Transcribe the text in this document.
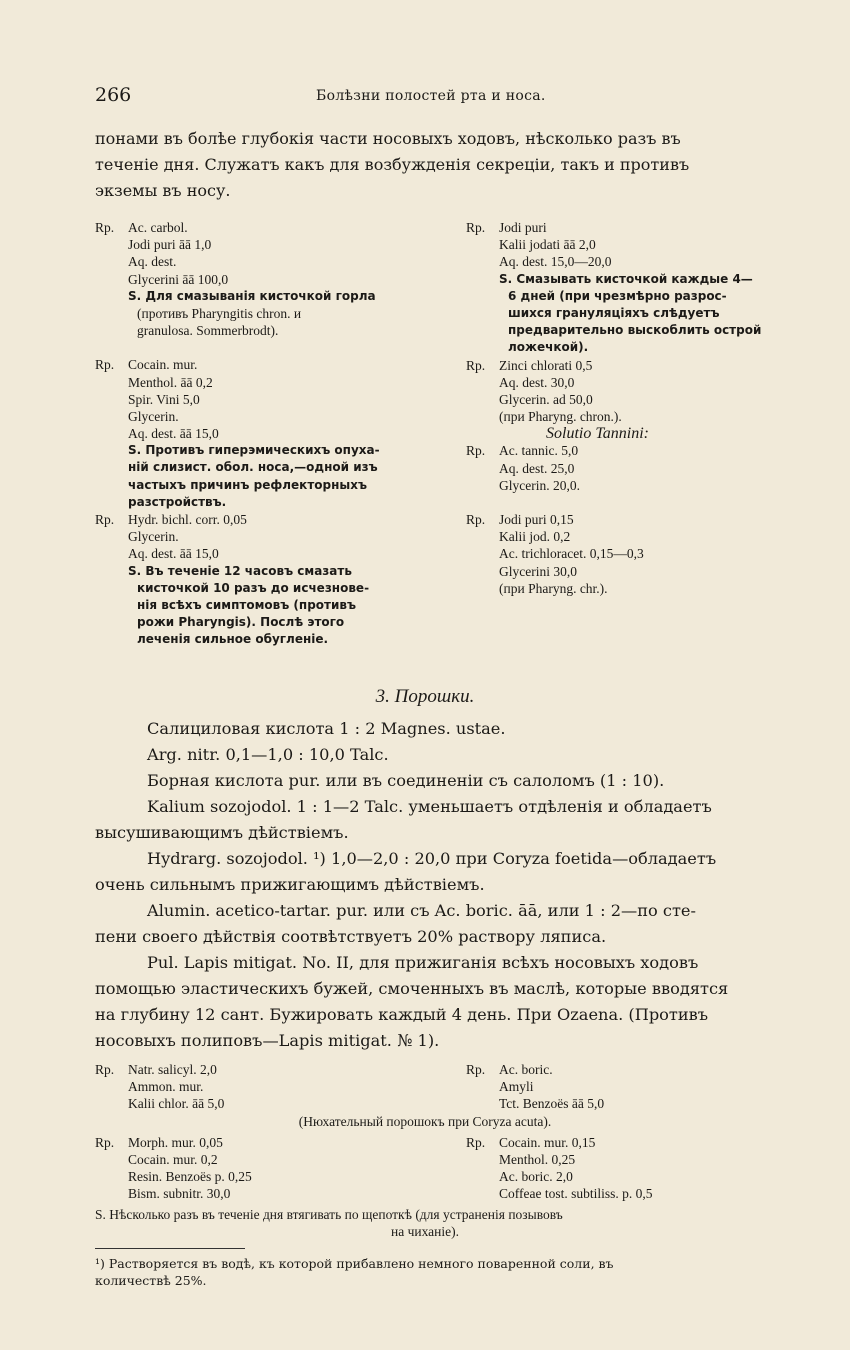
266	Болѣзни полостей рта и носа.
понами въ болѣе глубокія части носовыхъ ходовъ, нѣсколько разъ въ
теченіе дня. Служатъ какъ для возбужденія секреціи, такъ и противъ
экземы въ носу.
Rp. Ac. carbol.
Jodi puri āā 1,0
Aq. dest.
Glycerini āā 100,0
S. Для смазыванія кисточкой горла
(противъ Pharyngitis chron. и
granulosa. Sommerbrodt).
Rp. Cocain. mur.
Menthol. āā 0,2
Spir. Vini 5,0
Glycerin.
Aq. dest. āā 15,0
S. Противъ гиперэмическихъ опуха-
ній слизист. обол. носа,—одной изъ
частыхъ причинъ рефлекторныхъ
разстройствъ.
Rp. Hydr. bichl. corr. 0,05
Glycerin.
Aq. dest. āā 15,0
S. Въ теченіе 12 часовъ смазать
кисточкой 10 разъ до исчезнове-
нія всѣхъ симптомовъ (противъ
рожи Pharyngis). Послѣ этого
леченія сильное обугленіе.
Rp. Jodi puri
Kalii jodati āā 2,0
Aq. dest. 15,0—20,0
S. Смазывать кисточкой каждые 4—
6 дней (при чрезмѣрно разрос-
шихся грануляціяхъ слѣдуетъ
предварительно выскоблить острой
ложечкой).
Rp. Zinci chlorati 0,5
Aq. dest. 30,0
Glycerin. ad 50,0
(при Pharyng. chron.).
Solutio Tannini:
Rp. Ac. tannic. 5,0
Aq. dest. 25,0
Glycerin. 20,0.
Rp. Jodi puri 0,15
Kalii jod. 0,2
Ac. trichloracet. 0,15—0,3
Glycerini 30,0
(при Pharyng. chr.).
3. Порошки.
Салициловая кислота 1 : 2 Magnes. ustae.
Arg. nitr. 0,1—1,0 : 10,0 Talc.
Борная кислота pur. или въ соединеніи съ салоломъ (1 : 10).
Kalium sozojodol. 1 : 1—2 Talc. уменьшаетъ отдѣленія и обладаетъ
высушивающимъ дѣйствіемъ.
Hydrarg. sozojodol. ¹) 1,0—2,0 : 20,0 при Coryza foetida—обладаетъ
очень сильнымъ прижигающимъ дѣйствіемъ.
Alumin. acetico-tartar. pur. или съ Ac. boric. āā, или 1 : 2—по сте-
пени своего дѣйствія соотвѣтствуетъ 20% раствору ляписа.
Pul. Lapis mitigat. No. II, для прижиганія всѣхъ носовыхъ ходовъ
помощью эластическихъ бужей, смоченныхъ въ маслѣ, которые вводятся
на глубину 12 сант. Бужировать каждый 4 день. При Ozaena. (Противъ
носовыхъ полиповъ—Lapis mitigat. № 1).
Rp. Natr. salicyl. 2,0
Ammon. mur.
Kalii chlor. āā 5,0
Rp. Ac. boric.
Amyli
Tct. Benzoës āā 5,0
(Нюхательный порошокъ при Coryza acuta).
Rp. Morph. mur. 0,05
Cocain. mur. 0,2
Resin. Benzoës p. 0,25
Bism. subnitr. 30,0
Rp. Cocain. mur. 0,15
Menthol. 0,25
Ac. boric. 2,0
Coffeae tost. subtiliss. p. 0,5
S. Нѣсколько разъ въ теченіе дня втягивать по щепоткѣ (для устраненія позывовъ
на чиханіе).
¹) Растворяется въ водѣ, къ которой прибавлено немного поваренной соли, въ
количествѣ 25%.
